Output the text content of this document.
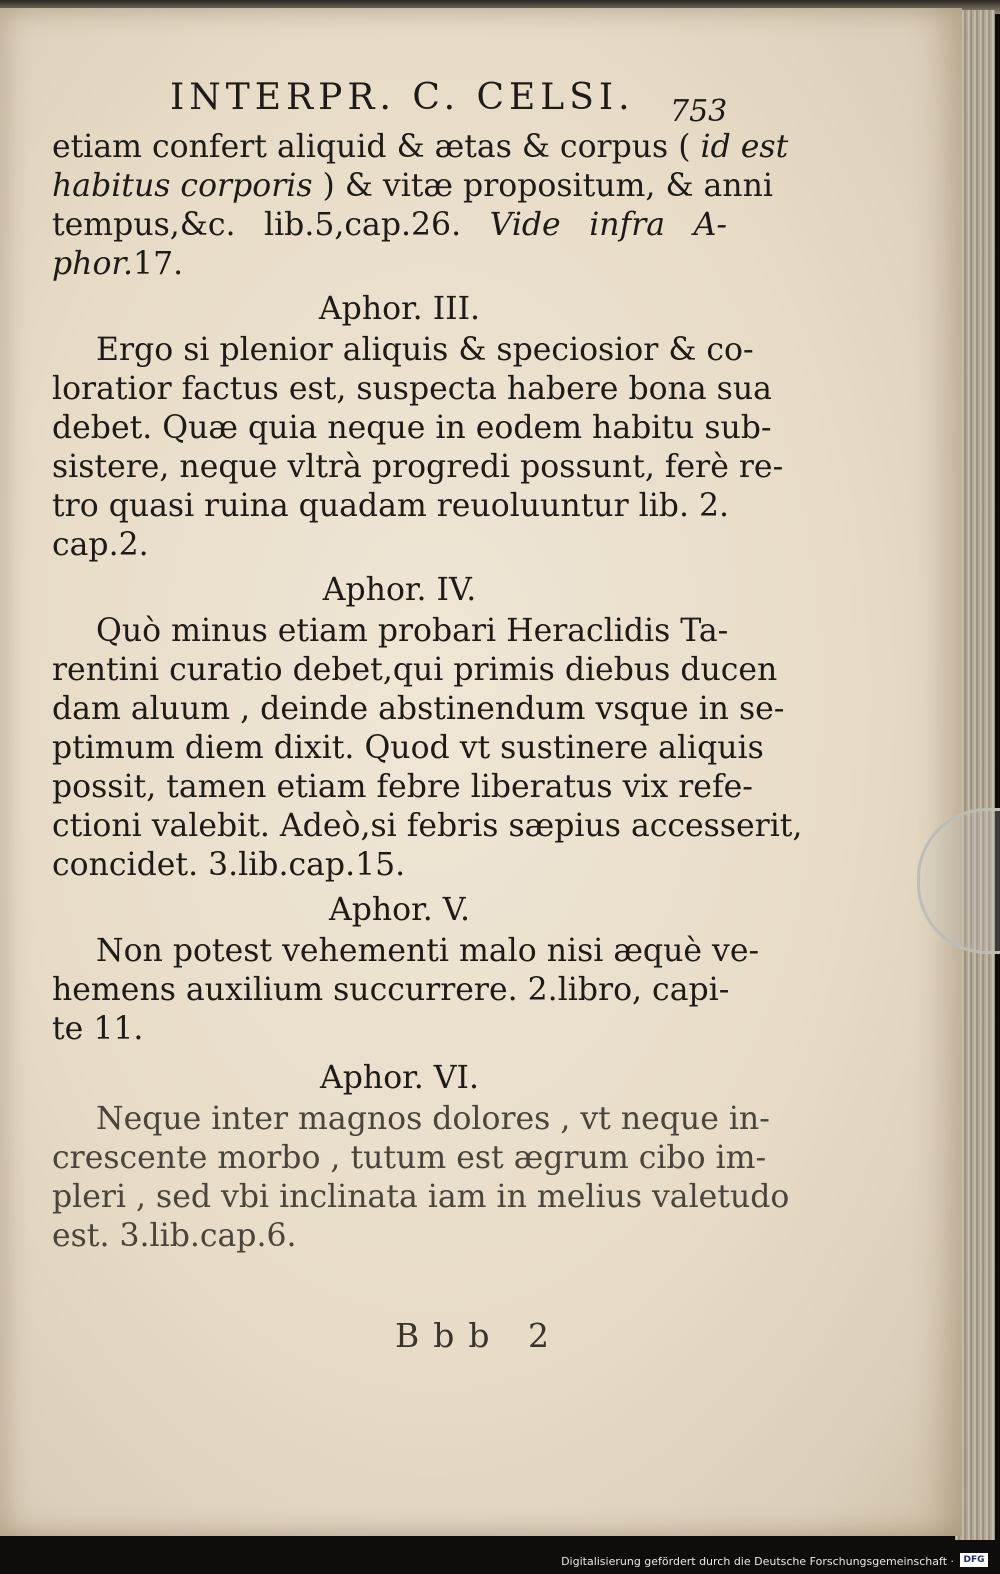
INTERPR. C. CELSI. 753
etiam confert aliquid & ætas & corpus ( id est
habitus corporis ) & vitæ propositum, & anni
tempus,&c. lib.5,cap.26. Vide infra A-
phor.17.
Aphor. III.
Ergo si plenior aliquis & speciosior & co-
loratior factus est, suspecta habere bona sua
debet. Quæ quia neque in eodem habitu sub-
sistere, neque vltrà progredi possunt, ferè re-
tro quasi ruina quadam reuoluuntur lib. 2.
cap.2.
Aphor. IV.
Quò minus etiam probari Heraclidis Ta-
rentini curatio debet,qui primis diebus ducen
dam aluum , deinde abstinendum vsque in se-
ptimum diem dixit. Quod vt sustinere aliquis
possit, tamen etiam febre liberatus vix refe-
ctioni valebit. Adeò,si febris sæpius accesserit,
concidet. 3.lib.cap.15.
Aphor. V.
Non potest vehementi malo nisi æquè ve-
hemens auxilium succurrere. 2.libro, capi-
te 11.
Aphor. VI.
Neque inter magnos dolores , vt neque in-
crescente morbo , tutum est ægrum cibo im-
pleri , sed vbi inclinata iam in melius valetudo
est. 3.lib.cap.6.
Bbb 2
Digitalisierung gefördert durch die Deutsche Forschungsgemeinschaft ·	DFG
